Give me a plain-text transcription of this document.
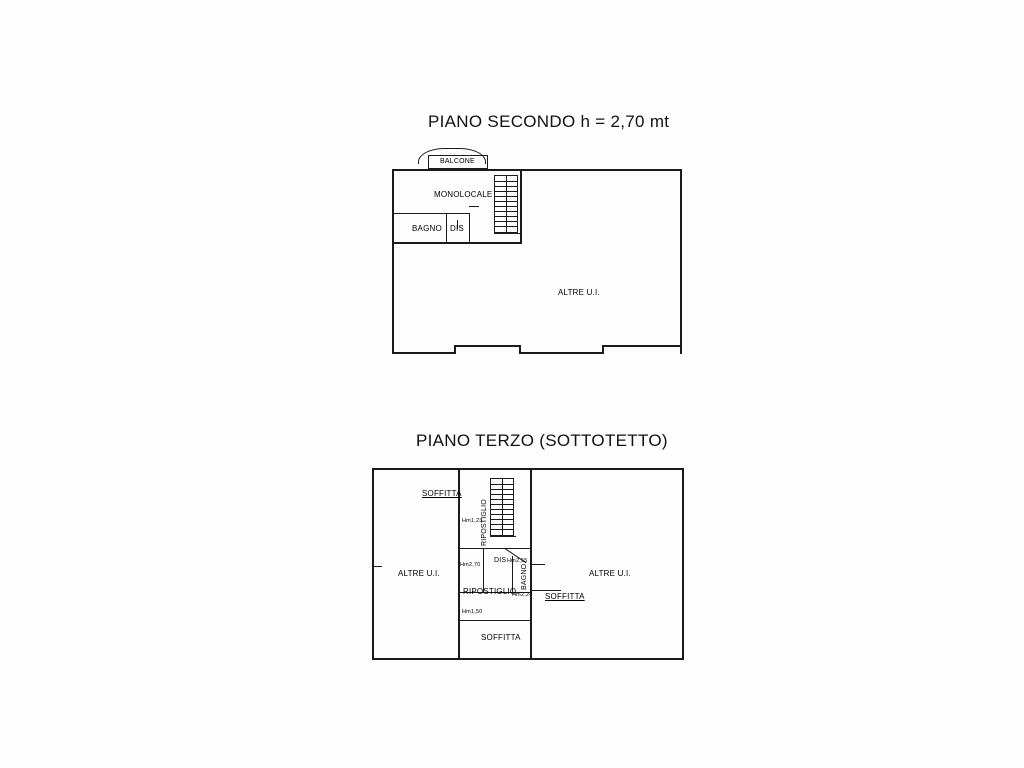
PIANO SECONDO h = 2,70 mt
BALCONE
MONOLOCALE
BAGNO DIS
ALTRE U.I.
PIANO TERZO (SOTTOTETTO)
SOFFITTA
ALTRE U.I.	ALTRE U.I.
RIPOSTIGLIO
RIPOSTIGLIO
DIS
BAGNO
SOFFITTA
SOFFITTA
Hm1,23
Hm2,70
Hm2,55
Hm1,50
Hm2,24
